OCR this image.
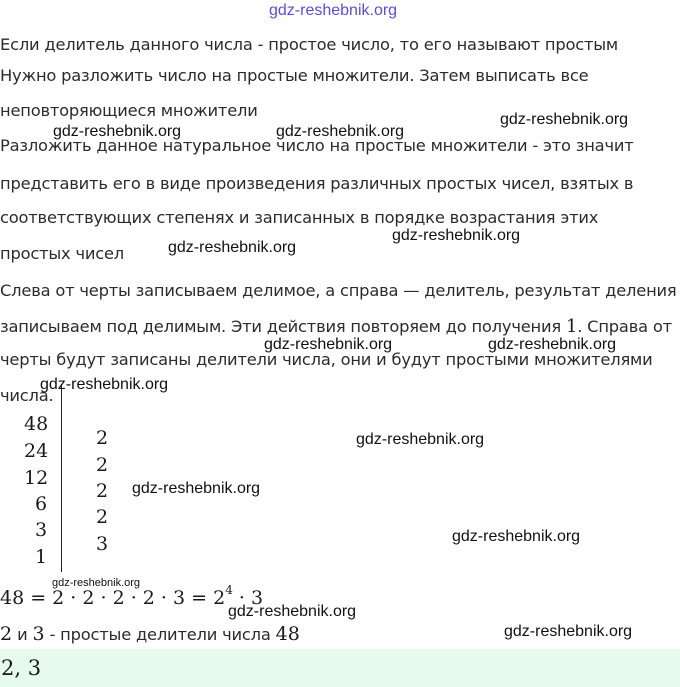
gdz-reshebnik.org
Если делитель данного числа - простое число, то его называют простым
Нужно разложить число на простые множители. Затем выписать все
неповторяющиеся множители
Разложить данное натуральное число на простые множители - это значит
представить его в виде произведения различных простых чисел, взятых в
соответствующих степенях и записанных в порядке возрастания этих
простых чисел
Слева от черты записываем делимое, а справа — делитель, результат деления
записываем под делимым. Эти действия повторяем до получения 1. Справа от
черты будут записаны делители числа, они и будут простыми множителями
числа.
48
24
12
6
3
1
2
2
2
2
3
$48 = 2 \cdot 2 \cdot 2 \cdot 2 \cdot 3 = 2^4 \cdot 3$
2 и 3 - простые делители числа 48
2, 3
gdz-reshebnik.org	gdz-reshebnik.org
gdz-reshebnik.org
gdz-reshebnik.org
gdz-reshebnik.org
gdz-reshebnik.org	gdz-reshebnik.org
gdz-reshebnik.org
gdz-reshebnik.org
gdz-reshebnik.org
gdz-reshebnik.org
gdz-reshebnik.org
gdz-reshebnik.org
gdz-reshebnik.org
